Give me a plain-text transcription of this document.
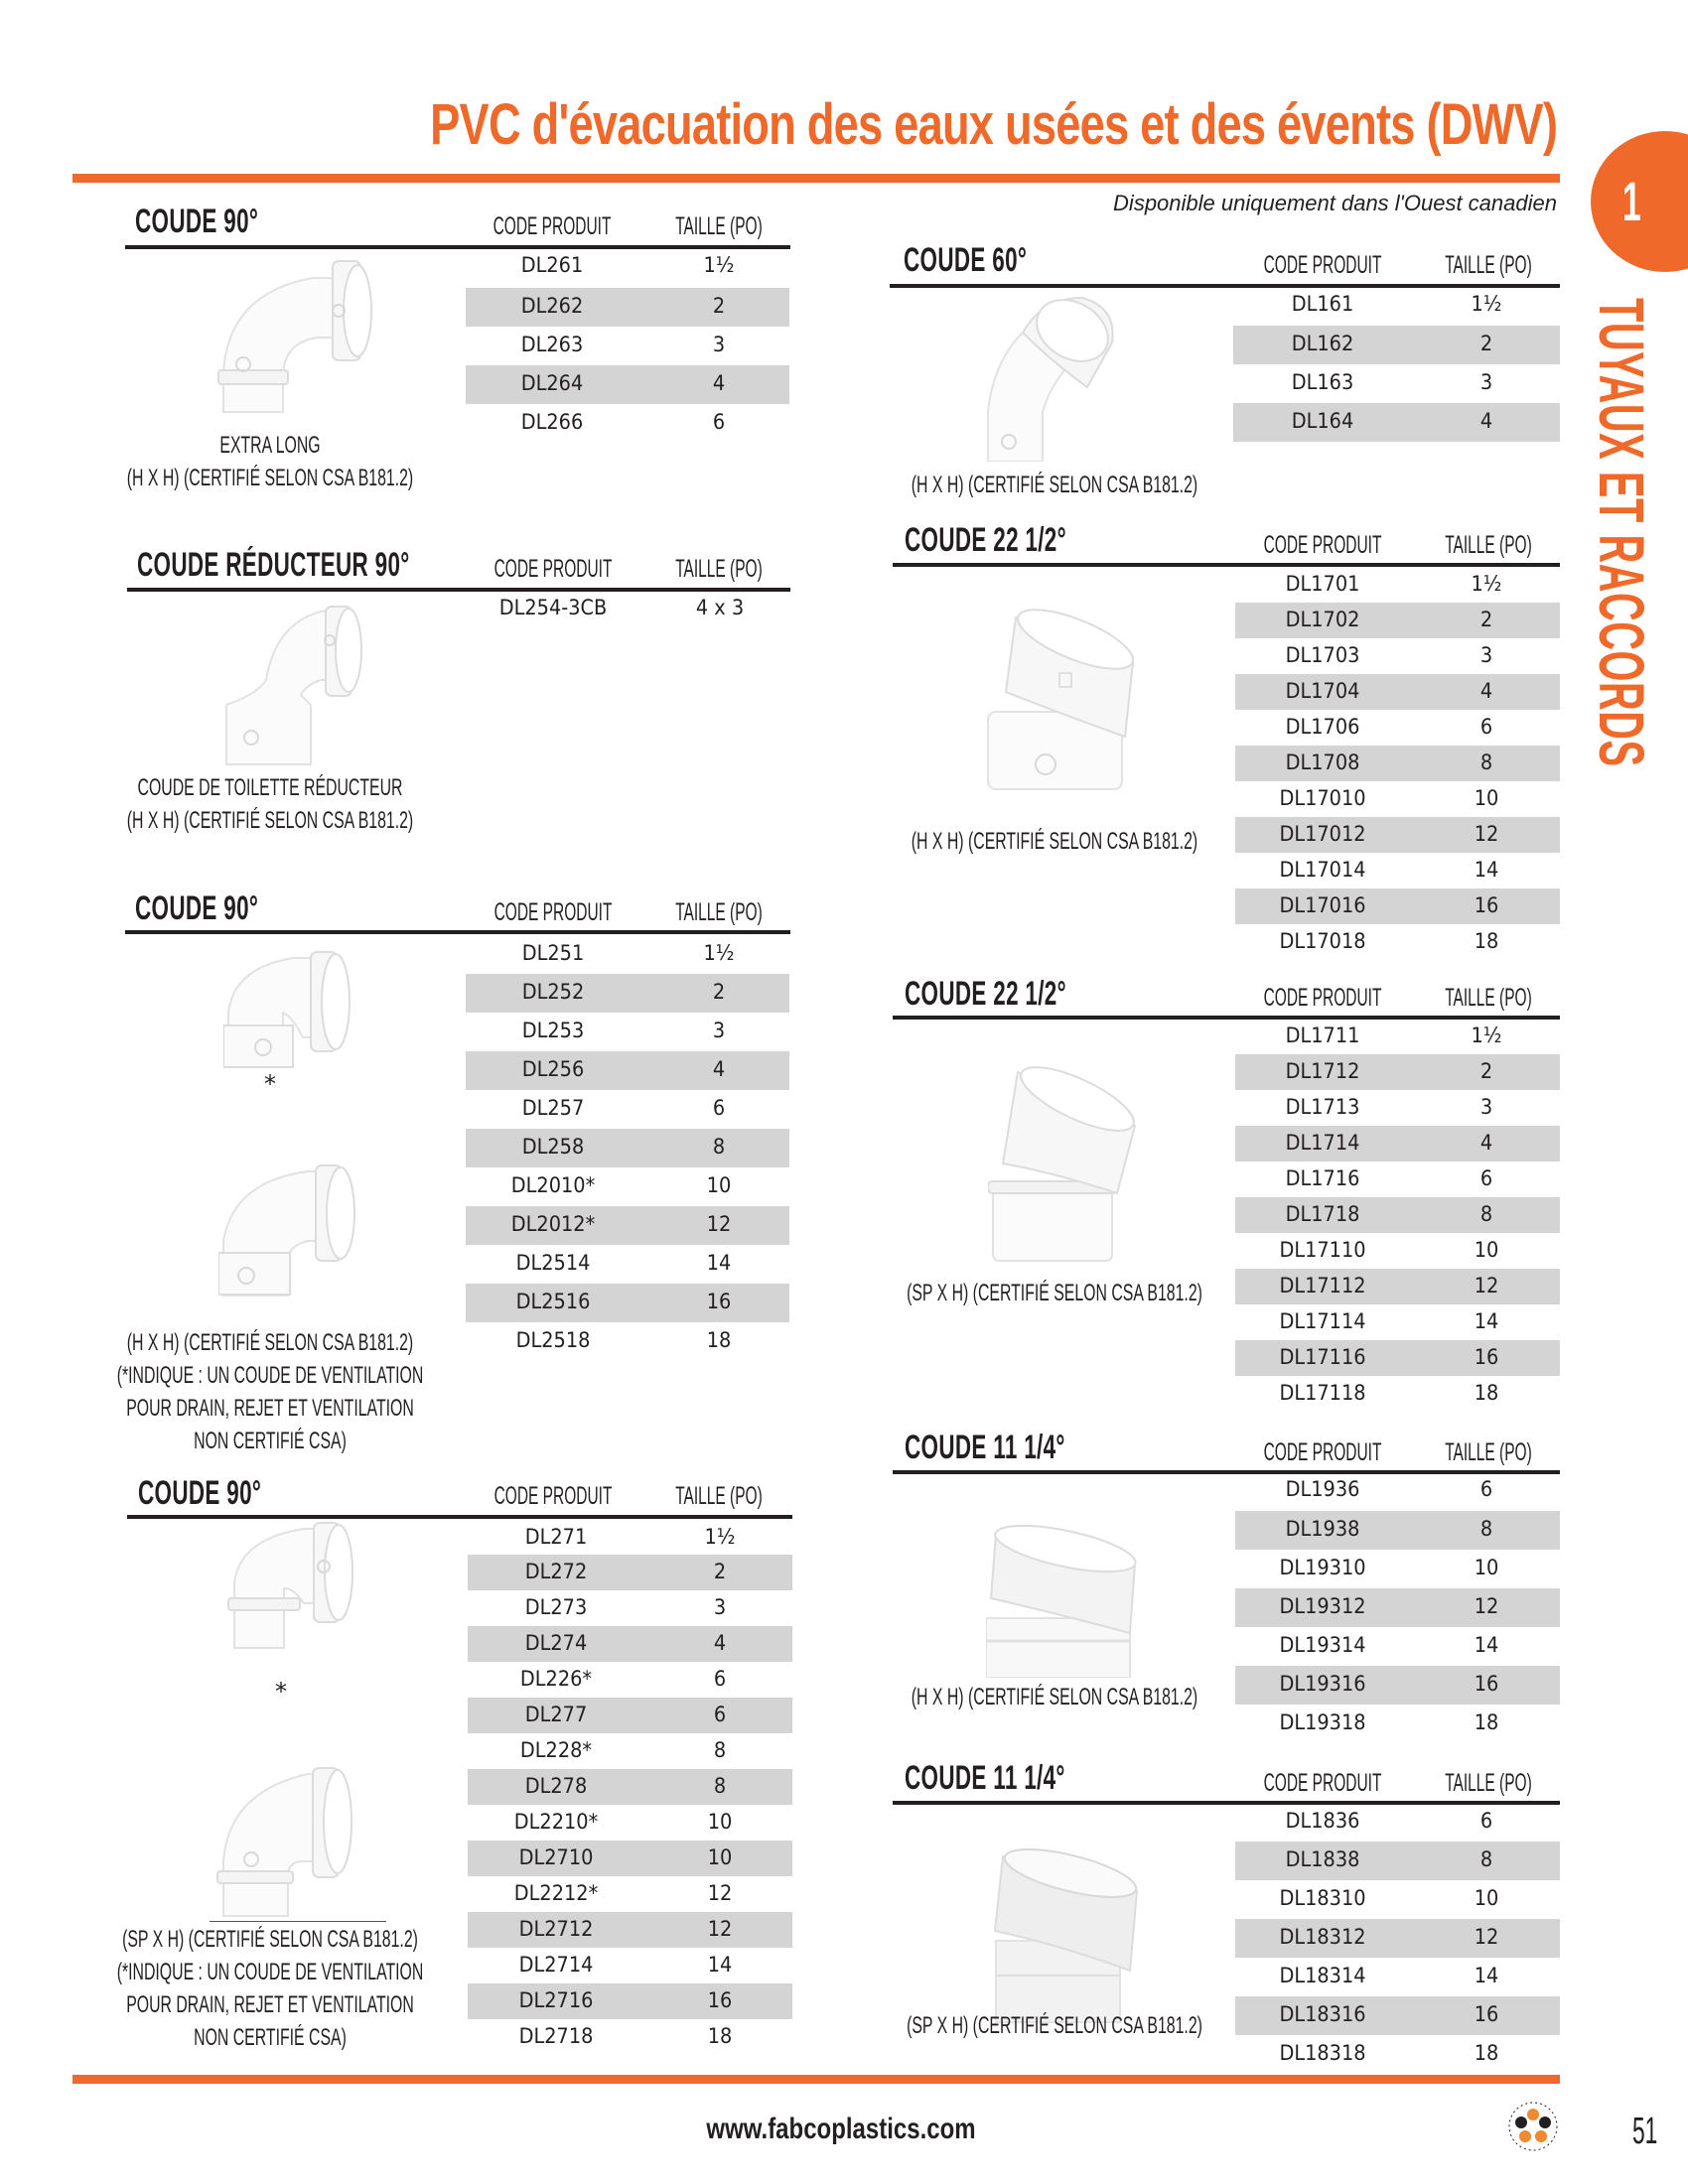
PVC d'évacuation des eaux usées et des évents (DWV)
Disponible uniquement dans l'Ouest canadien 1
TUYAUX ET RACCORDS
COUDE 90°	CODE PRODUIT	TAILLE (PO)
EXTRA LONG
(H X H) (CERTIFIÉ SELON CSA B181.2)
DL261	1½
DL262	2
DL263	3
DL264	4
DL266	6
COUDE RÉDUCTEUR 90°	CODE PRODUIT	TAILLE (PO)
COUDE DE TOILETTE RÉDUCTEUR
(H X H) (CERTIFIÉ SELON CSA B181.2)
DL254-3CB	4 x 3
COUDE 90°	CODE PRODUIT	TAILLE (PO)
*
(H X H) (CERTIFIÉ SELON CSA B181.2)
(*INDIQUE : UN COUDE DE VENTILATION
POUR DRAIN, REJET ET VENTILATION
NON CERTIFIÉ CSA)
DL251	1½
DL252	2
DL253	3
DL256	4
DL257	6
DL258	8
DL2010*	10
DL2012*	12
DL2514	14
DL2516	16
DL2518	18
COUDE 90°	CODE PRODUIT	TAILLE (PO)
*
(SP X H) (CERTIFIÉ SELON CSA B181.2)
(*INDIQUE : UN COUDE DE VENTILATION
POUR DRAIN, REJET ET VENTILATION
NON CERTIFIÉ CSA)
DL271	1½
DL272	2
DL273	3
DL274	4
DL226*	6
DL277	6
DL228*	8
DL278	8
DL2210*	10
DL2710	10
DL2212*	12
DL2712	12
DL2714	14
DL2716	16
DL2718	18
COUDE 60°	CODE PRODUIT	TAILLE (PO)
(H X H) (CERTIFIÉ SELON CSA B181.2)
DL161	1½
DL162	2
DL163	3
DL164	4
COUDE 22 1/2°	CODE PRODUIT	TAILLE (PO)
(H X H) (CERTIFIÉ SELON CSA B181.2)
DL1701	1½
DL1702	2
DL1703	3
DL1704	4
DL1706	6
DL1708	8
DL17010	10
DL17012	12
DL17014	14
DL17016	16
DL17018	18
COUDE 22 1/2°	CODE PRODUIT	TAILLE (PO)
(SP X H) (CERTIFIÉ SELON CSA B181.2)
DL1711	1½
DL1712	2
DL1713	3
DL1714	4
DL1716	6
DL1718	8
DL17110	10
DL17112	12
DL17114	14
DL17116	16
DL17118	18
COUDE 11 1/4°	CODE PRODUIT	TAILLE (PO)
(H X H) (CERTIFIÉ SELON CSA B181.2)
DL1936	6
DL1938	8
DL19310	10
DL19312	12
DL19314	14
DL19316	16
DL19318	18
COUDE 11 1/4°	CODE PRODUIT	TAILLE (PO)
(SP X H) (CERTIFIÉ SELON CSA B181.2)
DL1836	6
DL1838	8
DL18310	10
DL18312	12
DL18314	14
DL18316	16
DL18318	18
www.fabcoplastics.com	51
